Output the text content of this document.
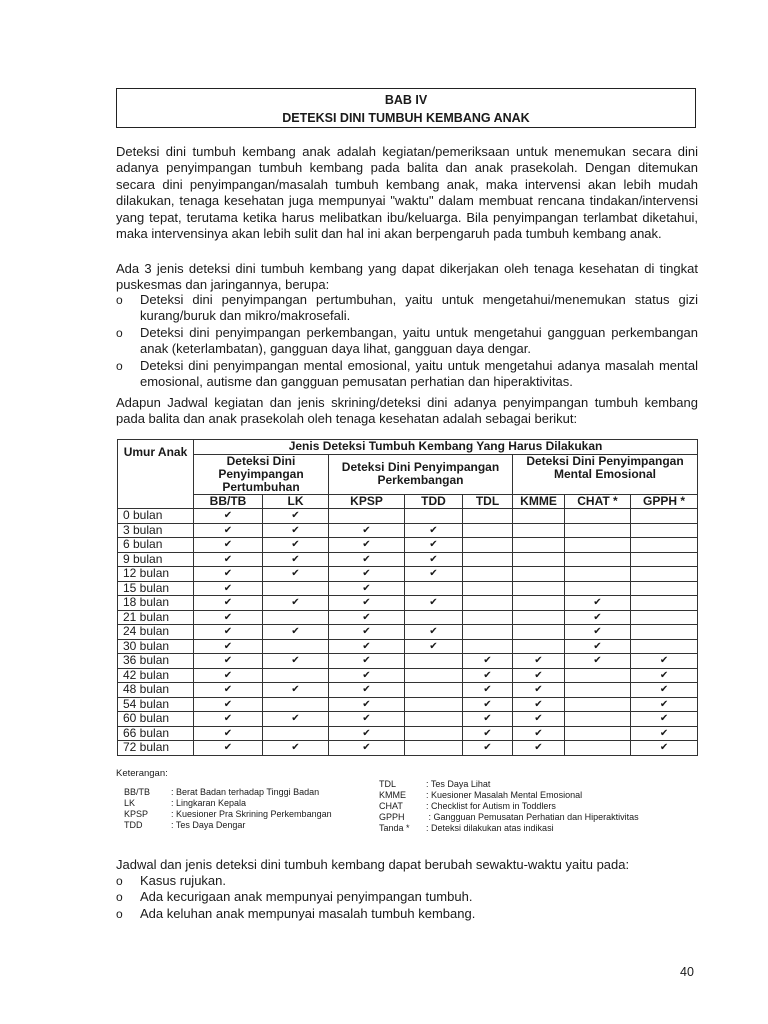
BAB IV
DETEKSI DINI TUMBUH KEMBANG ANAK

Deteksi dini tumbuh kembang anak adalah kegiatan/pemeriksaan untuk menemukan secara dini adanya penyimpangan tumbuh kembang pada balita dan anak prasekolah. Dengan ditemukan secara dini penyimpangan/masalah tumbuh kembang anak, maka intervensi akan lebih mudah dilakukan, tenaga kesehatan juga mempunyai "waktu" dalam membuat rencana tindakan/intervensi yang tepat, terutama ketika harus melibatkan ibu/keluarga. Bila penyimpangan terlambat diketahui, maka intervensinya akan lebih sulit dan hal ini akan berpengaruh pada tumbuh kembang anak.

Ada 3 jenis deteksi dini tumbuh kembang yang dapat dikerjakan oleh tenaga kesehatan di tingkat puskesmas dan jaringannya, berupa:

o Deteksi dini penyimpangan pertumbuhan, yaitu untuk mengetahui/menemukan status gizi kurang/buruk dan mikro/makrosefali.
o Deteksi dini penyimpangan perkembangan, yaitu untuk mengetahui gangguan perkembangan anak (keterlambatan), gangguan daya lihat, gangguan daya dengar.
o Deteksi dini penyimpangan mental emosional, yaitu untuk mengetahui adanya masalah mental emosional, autisme dan gangguan pemusatan perhatian dan hiperaktivitas.

Adapun Jadwal kegiatan dan jenis skrining/deteksi dini adanya penyimpangan tumbuh kembang pada balita dan anak prasekolah oleh tenaga kesehatan adalah sebagai berikut:

Umur Anak	Jenis Deteksi Tumbuh Kembang Yang Harus Dilakukan							
	Deteksi Dini Penyimpangan Pertumbuhan		Deteksi Dini Penyimpangan Perkembangan			Deteksi Dini Penyimpangan Mental Emosional		
	BB/TB	LK	KPSP	TDD	TDL	KMME	CHAT *	GPPH *
0 bulan	✔	✔						
3 bulan	✔	✔	✔	✔				
6 bulan	✔	✔	✔	✔				
9 bulan	✔	✔	✔	✔				
12 bulan	✔	✔	✔	✔				
15 bulan	✔		✔					
18 bulan	✔	✔	✔	✔			✔	
21 bulan	✔		✔				✔	
24 bulan	✔	✔	✔	✔			✔	
30 bulan	✔		✔	✔			✔	
36 bulan	✔	✔	✔		✔	✔	✔	✔
42 bulan	✔		✔		✔	✔		✔
48 bulan	✔	✔	✔		✔	✔		✔
54 bulan	✔		✔		✔	✔		✔
60 bulan	✔	✔	✔		✔	✔		✔
66 bulan	✔		✔		✔	✔		✔
72 bulan	✔	✔	✔		✔	✔		✔
Keterangan:
BB/TB : Berat Badan terhadap Tinggi Badan
LK	: Lingkaran Kepala
KPSP	: Kuesioner Pra Skrining Perkembangan
TDD	: Tes Daya Dengar
TDL	: Tes Daya Lihat
KMME : Kuesioner Masalah Mental Emosional
CHAT	: Checklist for Autism in Toddlers
GPPH : Gangguan Pemusatan Perhatian dan Hiperaktivitas
Tanda * : Deteksi dilakukan atas indikasi

Jadwal dan jenis deteksi dini tumbuh kembang dapat berubah sewaktu-waktu yaitu pada:

o Kasus rujukan.
o Ada kecurigaan anak mempunyai penyimpangan tumbuh.
o Ada keluhan anak mempunyai masalah tumbuh kembang.
40
